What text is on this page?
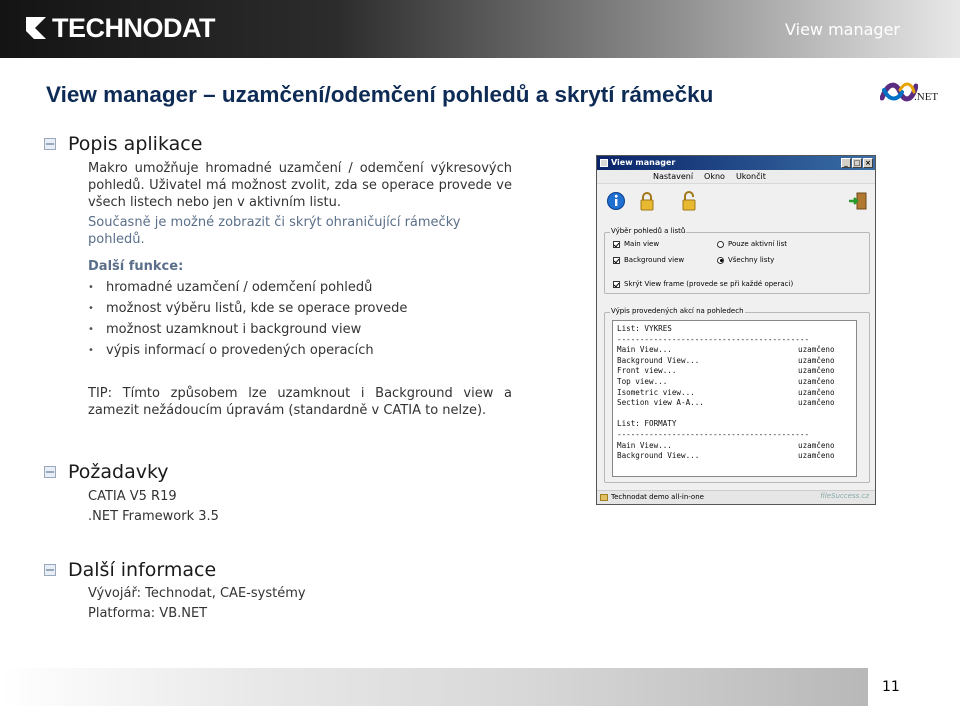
TECHNODAT	View manager
View manager – uzamčení/odemčení pohledů a skrytí rámečku	.NET
Popis aplikace
Makro umožňuje hromadné uzamčení / odemčení výkresových pohledů. Uživatel má možnost zvolit, zda se operace provede ve všech listech nebo jen v aktivním listu.
Současně je možné zobrazit či skrýt ohraničující rámečky pohledů.
Další funkce:
• hromadné uzamčení / odemčení pohledů
• možnost výběru listů, kde se operace provede
• možnost uzamknout i background view
• výpis informací o provedených operacích
TIP: Tímto způsobem lze uzamknout i Background view a zamezit nežádoucím úpravám (standardně v CATIA to nelze).
Požadavky
CATIA V5 R19
.NET Framework 3.5
Další informace
Vývojář: Technodat, CAE-systémy
Platforma: VB.NET
View manager	_ □ ×
Nastavení Okno Ukončit
Výběr pohledů a listů
Main view
Background view
Pouze aktivní list
Všechny listy
Skrýt View frame (provede se při každé operaci)
Výpis provedených akcí na pohledech
List: VYKRES
------------------------------------------
Main View...	uzamčeno
Background View...	uzamčeno
Front view...	uzamčeno
Top view...	uzamčeno
Isometric view...	uzamčeno
Section view A-A...	uzamčeno

List: FORMATY
------------------------------------------
Main View...	uzamčeno
Background View...	uzamčeno
Technodat demo all-in-one	fileSuccess.cz
11
